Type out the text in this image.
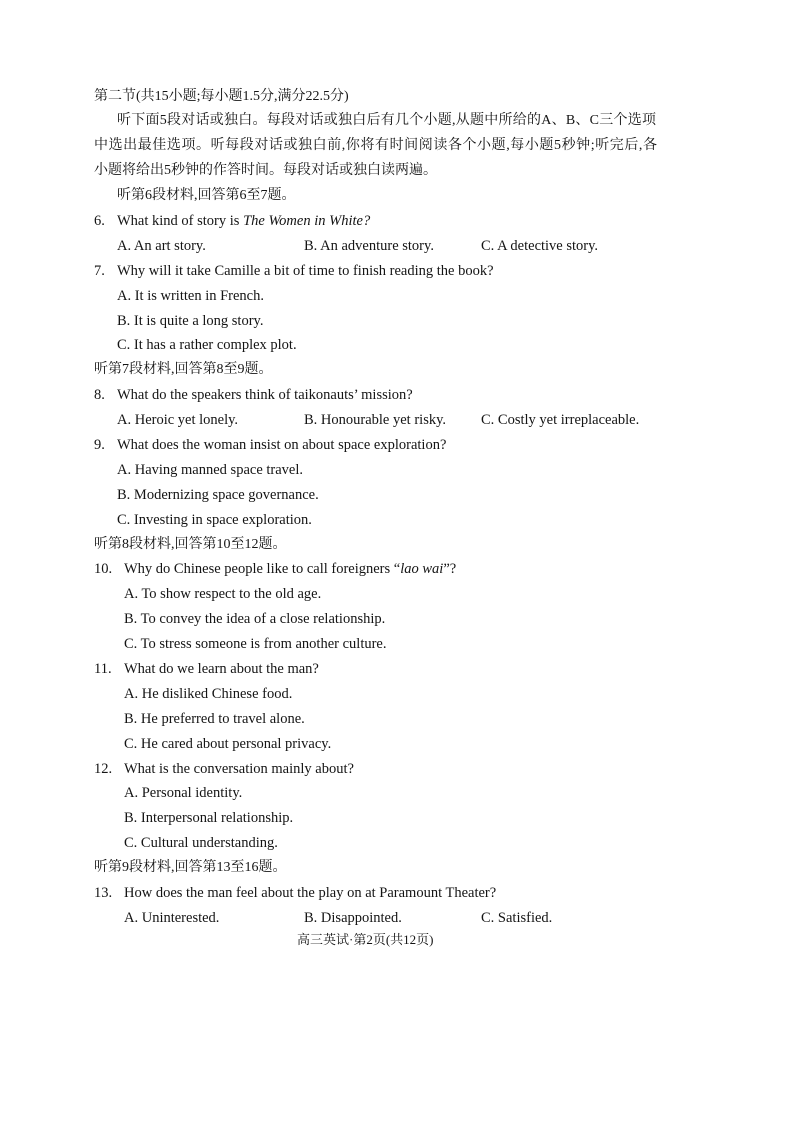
第二节(共15小题;每小题1.5分,满分22.5分)
听下面5段对话或独白。每段对话或独白后有几个小题,从题中所给的A、B、C三个选项
中选出最佳选项。听每段对话或独白前,你将有时间阅读各个小题,每小题5秒钟;听完后,各
小题将给出5秒钟的作答时间。每段对话或独白读两遍。
听第6段材料,回答第6至7题。
6. What kind of story is The Women in White?
A. An art story.	B. An adventure story.	C. A detective story.
7. Why will it take Camille a bit of time to finish reading the book?
A. It is written in French.
B. It is quite a long story.
C. It has a rather complex plot.
听第7段材料,回答第8至9题。
8. What do the speakers think of taikonauts’ mission?
A. Heroic yet lonely.	B. Honourable yet risky. C. Costly yet irreplaceable.
9. What does the woman insist on about space exploration?
A. Having manned space travel.
B. Modernizing space governance.
C. Investing in space exploration.
听第8段材料,回答第10至12题。
10. Why do Chinese people like to call foreigners “lao wai”?
A. To show respect to the old age.
B. To convey the idea of a close relationship.
C. To stress someone is from another culture.
11. What do we learn about the man?
A. He disliked Chinese food.
B. He preferred to travel alone.
C. He cared about personal privacy.
12. What is the conversation mainly about?
A. Personal identity.
B. Interpersonal relationship.
C. Cultural understanding.
听第9段材料,回答第13至16题。
13. How does the man feel about the play on at Paramount Theater?
A. Uninterested.	B. Disappointed.	C. Satisfied.
高三英试·第2页(共12页)
